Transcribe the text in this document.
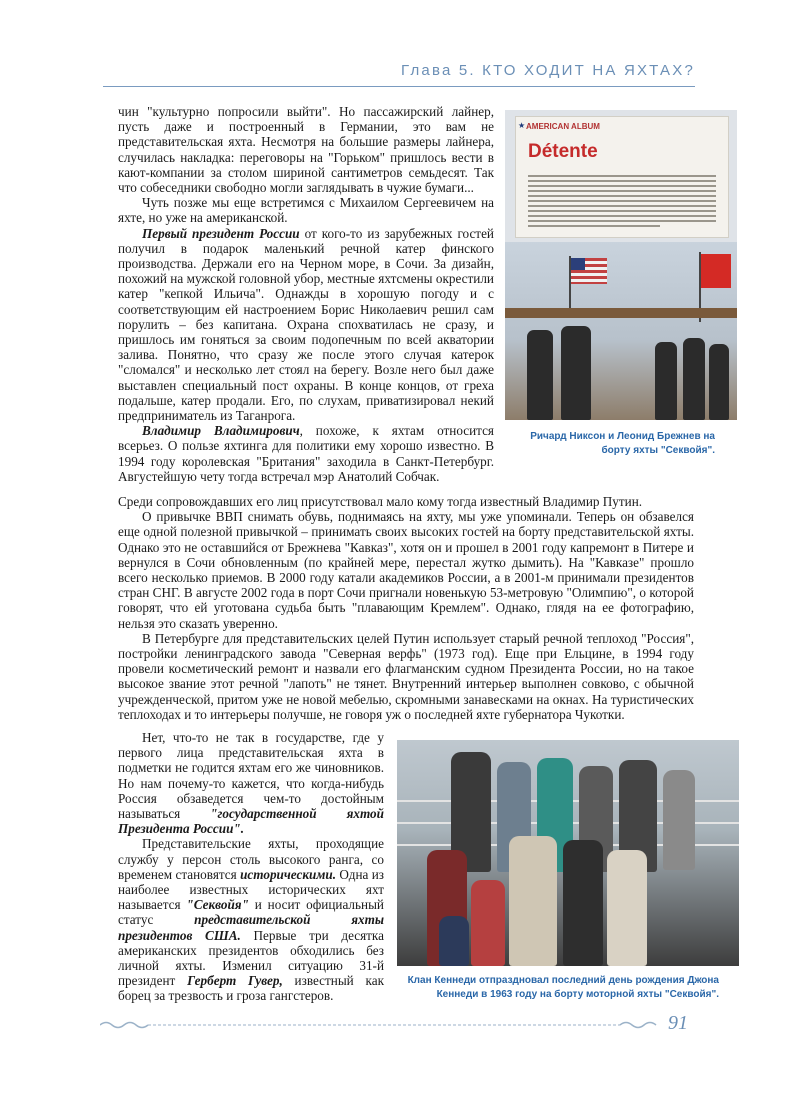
Глава 5. КТО ХОДИТ НА ЯХТАХ?

чин "культурно попросили выйти". Но пассажирский лайнер, пусть даже и построенный в Германии, это вам не представительская яхта. Несмотря на большие размеры лайнера, случилась накладка: переговоры на "Горьком" пришлось вести в кают-компании за столом шириной сантиметров семьдесят. Так что собеседники свободно могли заглядывать в чужие бумаги...

Чуть позже мы еще встретимся с Михаилом Сергеевичем на яхте, но уже на американской.

Первый президент России от кого-то из зарубежных гостей получил в подарок маленький речной катер финского производства. Держали его на Черном море, в Сочи. За дизайн, похожий на мужской головной убор, местные яхтсмены окрестили катер "кепкой Ильича". Однажды в хорошую погоду и с соответствующим ей настроением Борис Николаевич решил сам порулить – без капитана. Охрана спохватилась не сразу, и пришлось им гоняться за своим подопечным по всей акватории залива. Понятно, что сразу же после этого случая катерок "сломался" и несколько лет стоял на берегу. Возле него был даже выставлен специальный пост охраны. В конце концов, от греха подальше, катер продали. Его, по слухам, приватизировал некий предприниматель из Таганрога.

Владимир Владимирович, похоже, к яхтам относится всерьез. О пользе яхтинга для политики ему хорошо известно. В 1994 году королевская "Британия" заходила в Санкт-Петербург. Августейшую чету тогда встречал мэр Анатолий Собчак.

★ AMERICAN ALBUM
Détente
Ричард Никсон и Леонид Брежнев на борту яхты "Секвойя".

Среди сопровождавших его лиц присутствовал мало кому тогда известный Владимир Путин.

О привычке ВВП снимать обувь, поднимаясь на яхту, мы уже упоминали. Теперь он обзавелся еще одной полезной привычкой – принимать своих высоких гостей на борту представительской яхты. Однако это не оставшийся от Брежнева "Кавказ", хотя он и прошел в 2001 году капремонт в Питере и вернулся в Сочи обновленным (по крайней мере, перестал жутко дымить). На "Кавказе" прошло всего несколько приемов. В 2000 году катали академиков России, а в 2001-м принимали президентов стран СНГ. В августе 2002 года в порт Сочи пригнали новенькую 53-метровую "Олимпию", о которой говорят, что ей уготована судьба быть "плавающим Кремлем". Однако, глядя на ее фотографию, нельзя это сказать уверенно.

В Петербурге для представительских целей Путин использует старый речной теплоход "Россия", постройки ленинградского завода "Северная верфь" (1973 год). Еще при Ельцине, в 1994 году провели косметический ремонт и назвали его флагманским судном Президента России, но на такое высокое звание этот речной "лапоть" не тянет. Внутренний интерьер выполнен совковo, с обычной учрежденческой, притом уже не новой мебелью, скромными занавесками на окнах. На туристических теплоходах и то интерьеры получше, не говоря уж о последней яхте губернатора Чукотки.

Нет, что-то не так в государстве, где у первого лица представительская яхта в подметки не годится яхтам его же чиновников. Но нам почему-то кажется, что когда-нибудь Россия обзаведется чем-то достойным называться "государственной яхтой Президента России".

Представительские яхты, проходящие службу у персон столь высокого ранга, со временем становятся историческими. Одна из наиболее известных исторических яхт называется "Секвойя" и носит официальный статус представительской яхты президентов США. Первые три десятка американских президентов обходились без личной яхты. Изменил ситуацию 31-й президент Герберт Гувер, известный как борец за трезвость и гроза гангстеров.

Клан Кеннеди отпраздновал последний день рождения Джона Кеннеди в 1963 году на борту моторной яхты "Секвойя".
91
